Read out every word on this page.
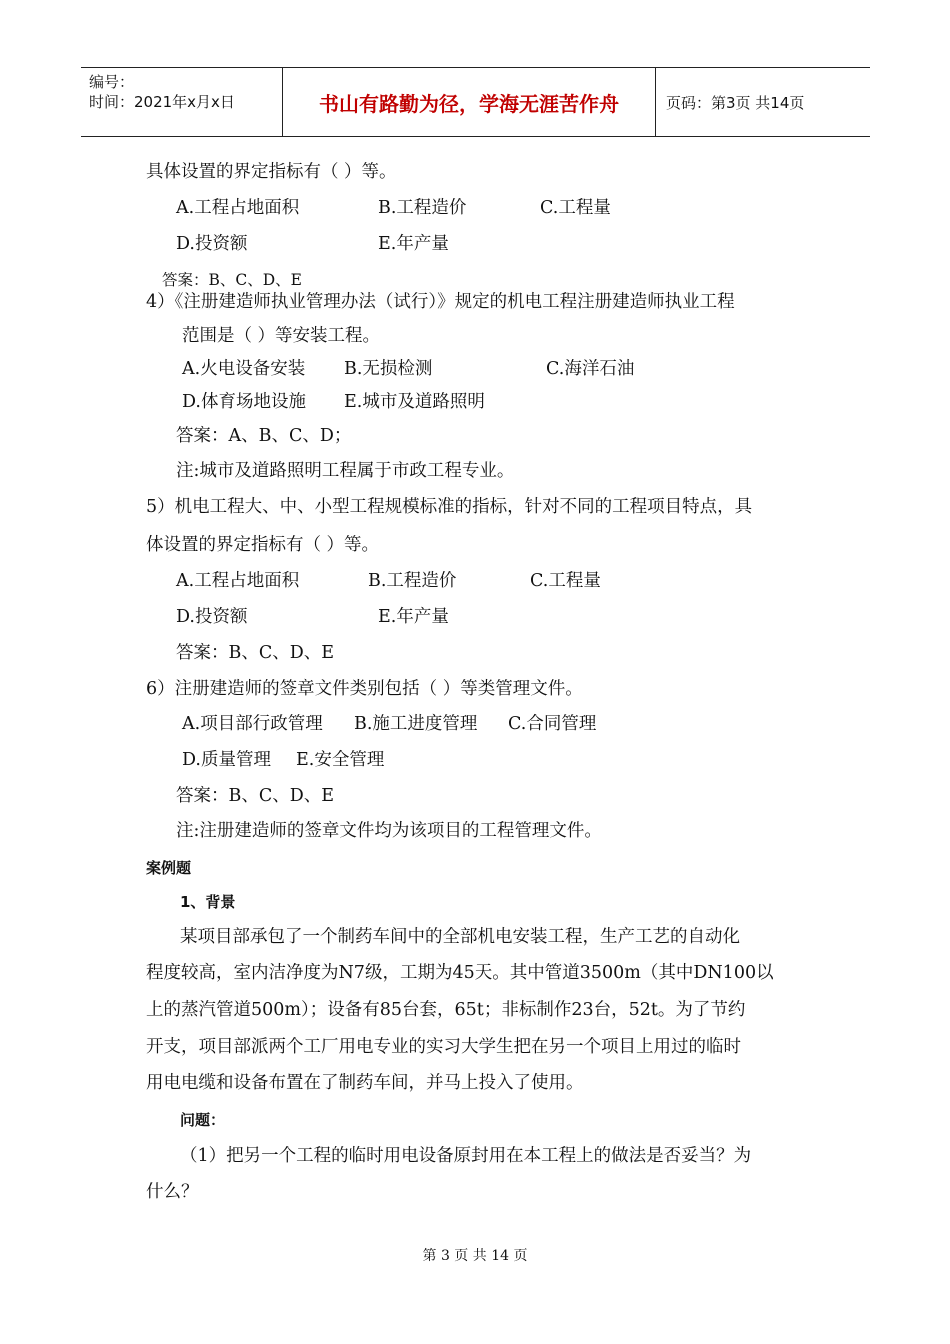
编号：
时间：2021年x月x日	书山有路勤为径，学海无涯苦作舟	页码：第3页 共14页
具体设置的界定指标有（ ）等。
A.工程占地面积	B.工程造价	C.工程量
D.投资额	E.年产量
答案：B、C、D、E
4）《注册建造师执业管理办法（试行）》规定的机电工程注册建造师执业工程
范围是（ ）等安装工程。
A.火电设备安装 B.无损检测	C.海洋石油
D.体育场地设施 E.城市及道路照明
答案：A、B、C、D；
注:城市及道路照明工程属于市政工程专业。
5）机电工程大、中、小型工程规模标准的指标，针对不同的工程项目特点，具
体设置的界定指标有（ ）等。
A.工程占地面积	B.工程造价	C.工程量
D.投资额	E.年产量
答案：B、C、D、E
6）注册建造师的签章文件类别包括（ ）等类管理文件。
A.项目部行政管理 B.施工进度管理 C.合同管理
D.质量管理 E.安全管理
答案：B、C、D、E
注:注册建造师的签章文件均为该项目的工程管理文件。
案例题
1、背景
某项目部承包了一个制药车间中的全部机电安装工程，生产工艺的自动化
程度较高，室内洁净度为N7级，工期为45天。其中管道3500m（其中DN100以
上的蒸汽管道500m）；设备有85台套，65t；非标制作23台，52t。为了节约
开支，项目部派两个工厂用电专业的实习大学生把在另一个项目上用过的临时
用电电缆和设备布置在了制药车间，并马上投入了使用。
问题：
（1）把另一个工程的临时用电设备原封用在本工程上的做法是否妥当？为
什么？
第 3 页 共 14 页
